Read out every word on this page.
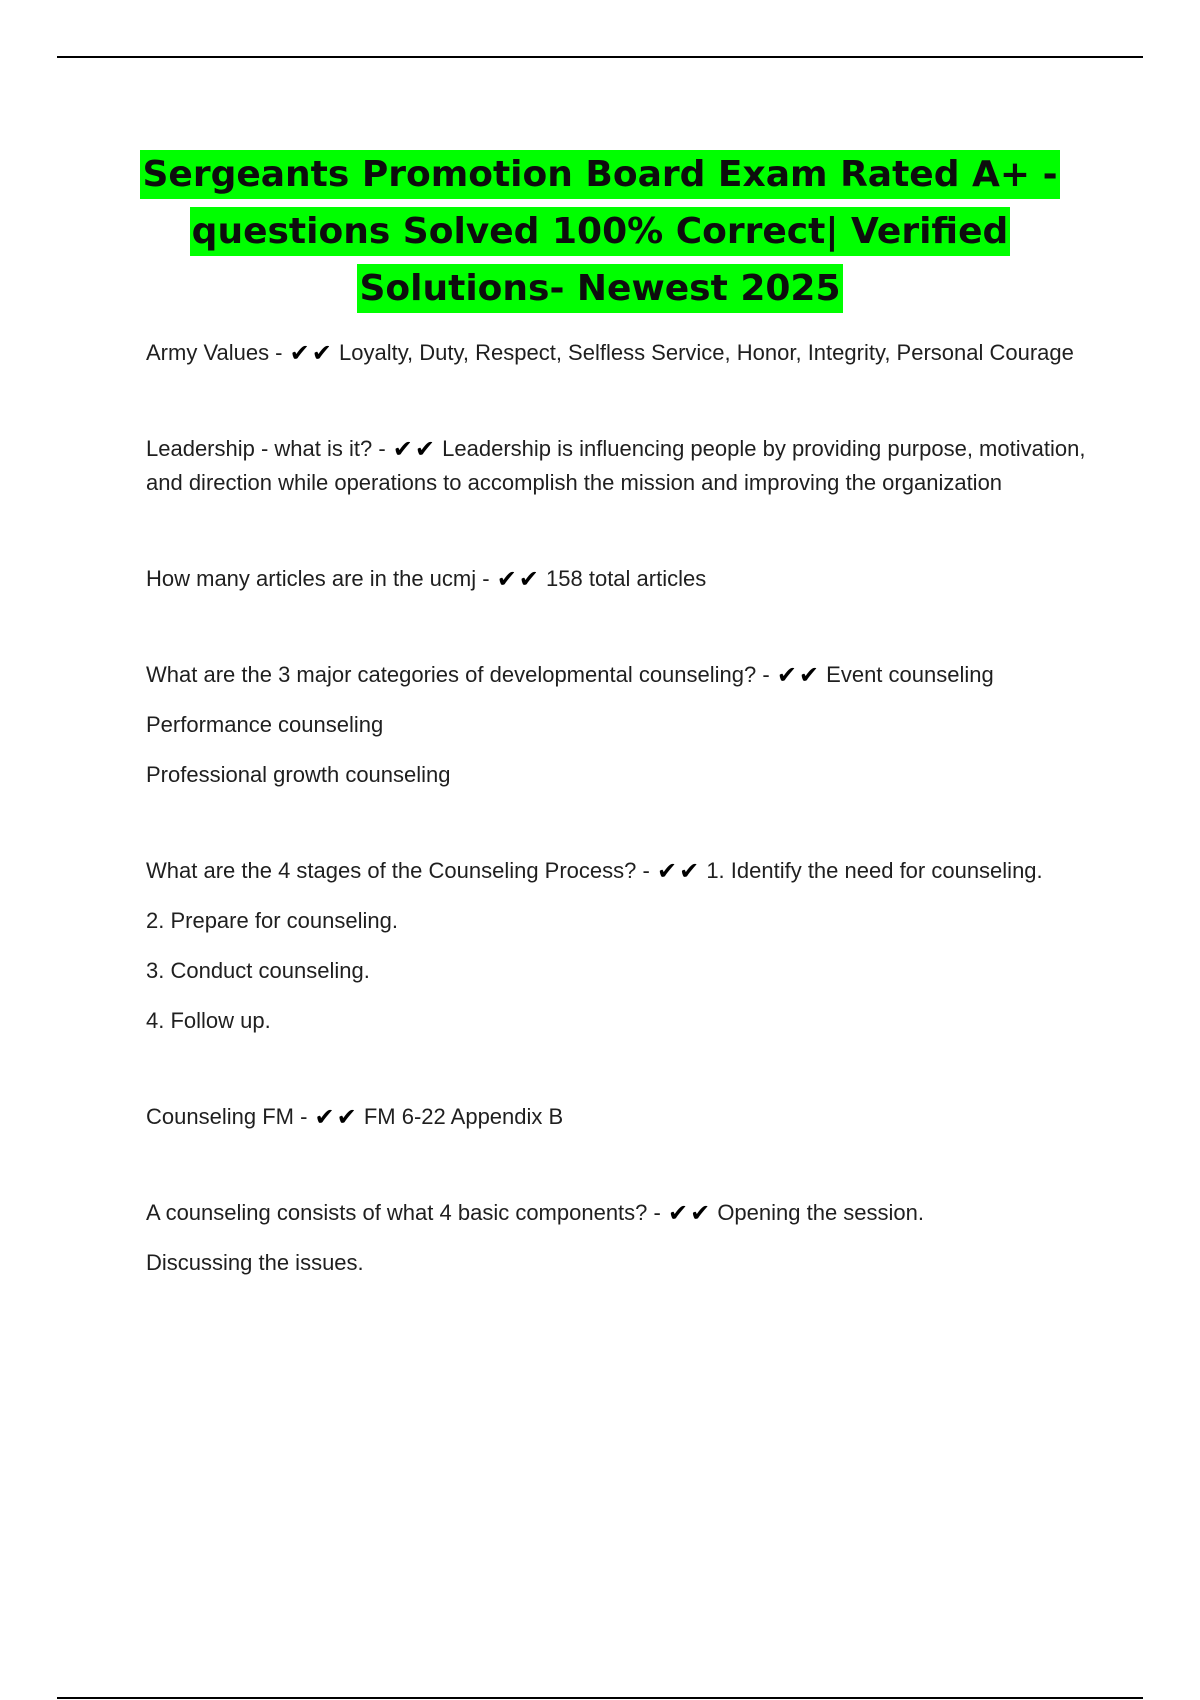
Sergeants Promotion Board Exam Rated A+ - questions Solved 100% Correct| Verified Solutions- Newest 2025
Army Values - ✔✔ Loyalty, Duty, Respect, Selfless Service, Honor, Integrity, Personal Courage
Leadership - what is it? - ✔✔ Leadership is influencing people by providing purpose, motivation, and direction while operations to accomplish the mission and improving the organization
How many articles are in the ucmj - ✔✔ 158 total articles
What are the 3 major categories of developmental counseling? - ✔✔ Event counseling
Performance counseling
Professional growth counseling
What are the 4 stages of the Counseling Process? - ✔✔ 1. Identify the need for counseling.
2. Prepare for counseling.
3. Conduct counseling.
4. Follow up.
Counseling FM - ✔✔ FM 6-22 Appendix B
A counseling consists of what 4 basic components? - ✔✔ Opening the session.
Discussing the issues.
